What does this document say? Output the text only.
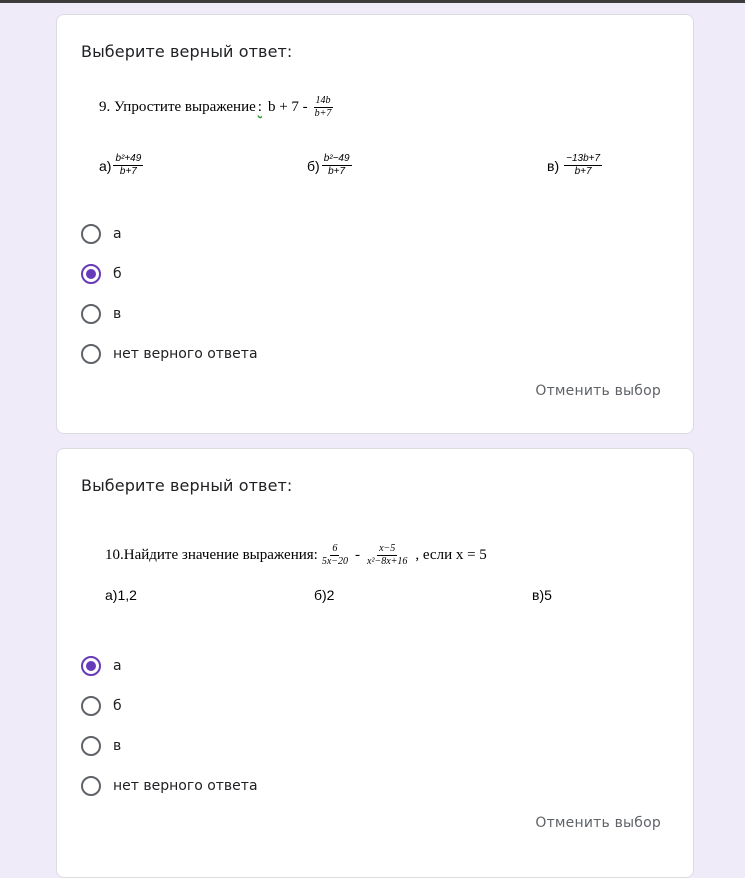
Выберите верный ответ:
9. Упростите выражение : $b + 7 - \frac{14b}{b+7}$
$а) \frac{\text{b²+49}}{b+7}$	$б) \frac{\text{b²−49}}{b+7}$	$в) \frac{-13b+7}{b+7}$
а
б
в
нет верного ответа
Отменить выбор
Выберите верный ответ:
10.Найдите значение выражения: $\frac{6}{5x-20} - \frac{x-5}{\text{x²−8x+16}}$ , если x = 5
а)1,2	б)2	в)5
а
б
в
нет верного ответа
Отменить выбор
